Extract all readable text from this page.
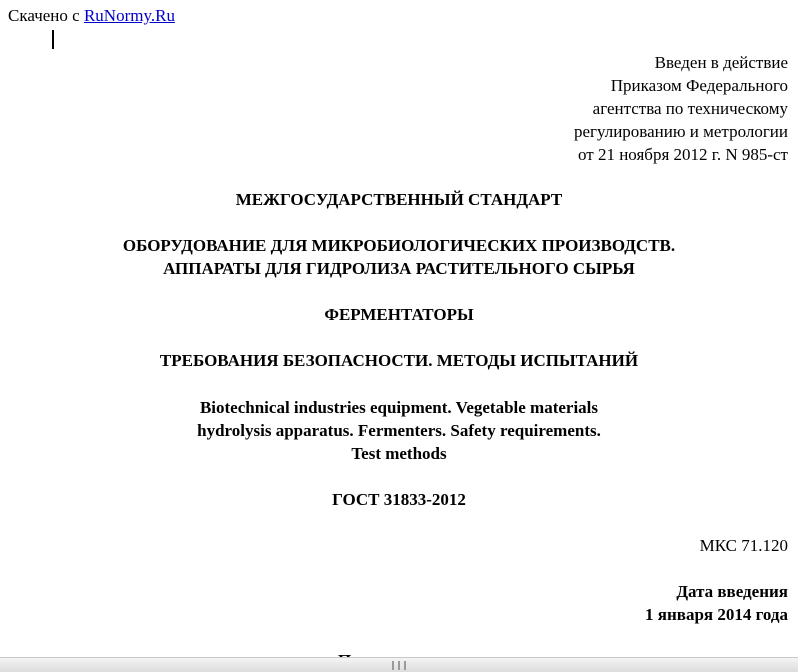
Скачено с RuNormy.Ru
Введен в действие
Приказом Федерального
агентства по техническому
регулированию и метрологии
от 21 ноября 2012 г. N 985-ст
МЕЖГОСУДАРСТВЕННЫЙ СТАНДАРТ
ОБОРУДОВАНИЕ ДЛЯ МИКРОБИОЛОГИЧЕСКИХ ПРОИЗВОДСТВ.
АППАРАТЫ ДЛЯ ГИДРОЛИЗА РАСТИТЕЛЬНОГО СЫРЬЯ
ФЕРМЕНТАТОРЫ
ТРЕБОВАНИЯ БЕЗОПАСНОСТИ. МЕТОДЫ ИСПЫТАНИЙ
Biotechnical industries equipment. Vegetable materials
hydrolysis apparatus. Fermenters. Safety requirements.
Test methods
ГОСТ 31833-2012
МКС 71.120
Дата введения
1 января 2014 года
